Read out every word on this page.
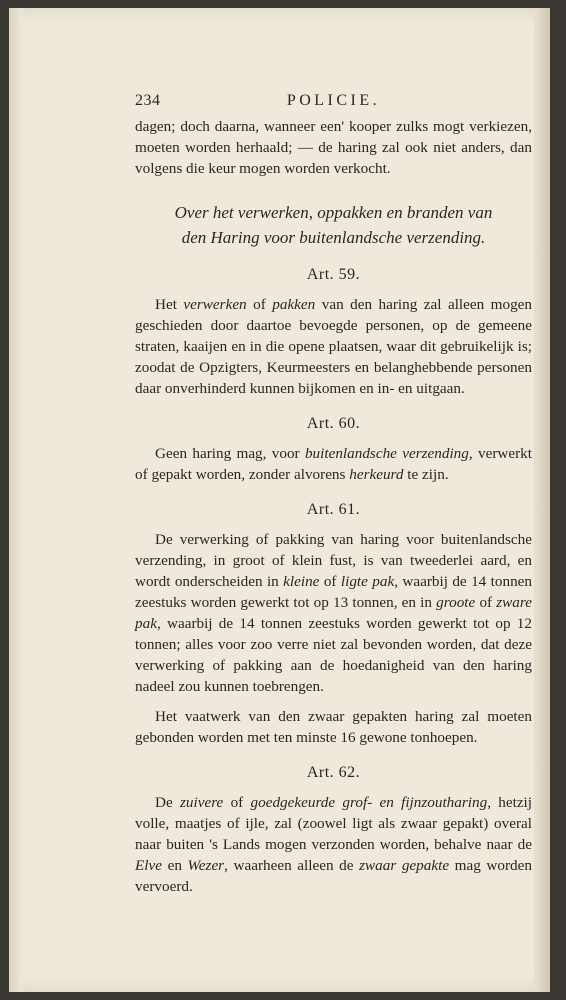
234	POLICIE.

dagen; doch daarna, wanneer een' kooper zulks mogt verkiezen, moeten worden herhaald; — de haring zal ook niet anders, dan volgens die keur mogen worden verkocht.

Over het verwerken, oppakken en branden van
den Haring voor buitenlandsche verzending.
Art. 59.

Het verwerken of pakken van den haring zal alleen mogen geschieden door daartoe bevoegde personen, op de gemeene straten, kaaijen en in die opene plaatsen, waar dit gebruikelijk is; zoodat de Opzigters, Keurmeesters en belanghebbende personen daar onverhinderd kunnen bijkomen en in- en uitgaan.

Art. 60.

Geen haring mag, voor buitenlandsche verzending, verwerkt of gepakt worden, zonder alvorens herkeurd te zijn.

Art. 61.

De verwerking of pakking van haring voor buitenlandsche verzending, in groot of klein fust, is van tweederlei aard, en wordt onderscheiden in kleine of ligte pak, waarbij de 14 tonnen zeestuks worden gewerkt tot op 13 tonnen, en in groote of zware pak, waarbij de 14 tonnen zeestuks worden gewerkt tot op 12 tonnen; alles voor zoo verre niet zal bevonden worden, dat deze verwerking of pakking aan de hoedanigheid van den haring nadeel zou kunnen toebrengen.

Het vaatwerk van den zwaar gepakten haring zal moeten gebonden worden met ten minste 16 gewone tonhoepen.

Art. 62.

De zuivere of goedgekeurde grof- en fijnzoutharing, hetzij volle, maatjes of ijle, zal (zoowel ligt als zwaar gepakt) overal naar buiten 's Lands mogen verzonden worden, behalve naar de Elve en Wezer, waarheen alleen de zwaar gepakte mag worden vervoerd.
